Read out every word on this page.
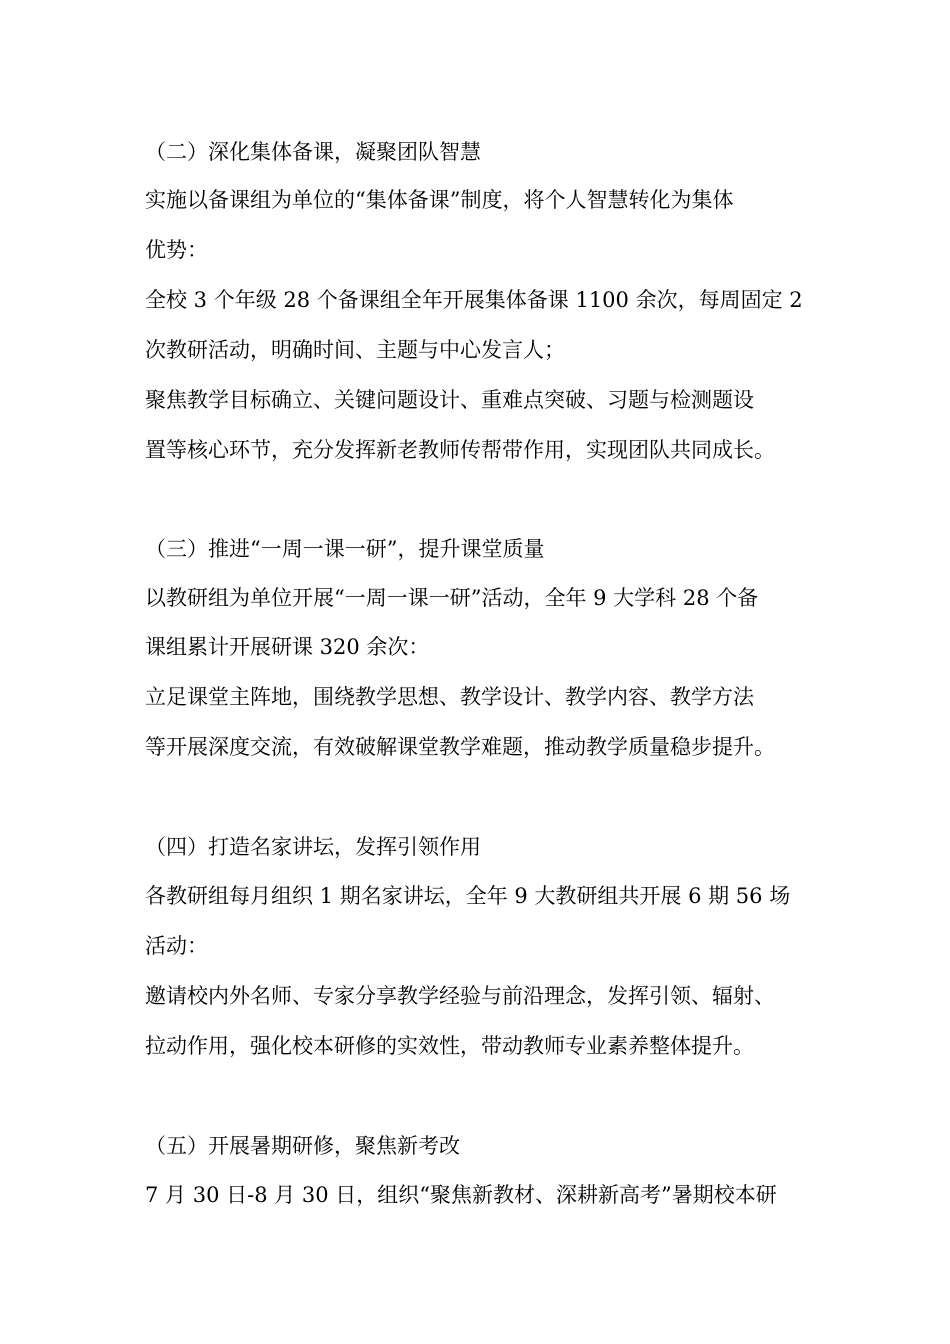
（二）深化集体备课，凝聚团队智慧
实施以备课组为单位的“集体备课”制度，将个人智慧转化为集体
优势：
全校 3 个年级 28 个备课组全年开展集体备课 1100 余次，每周固定 2
次教研活动，明确时间、主题与中心发言人；
聚焦教学目标确立、关键问题设计、重难点突破、习题与检测题设
置等核心环节，充分发挥新老教师传帮带作用，实现团队共同成长。
（三）推进“一周一课一研”，提升课堂质量
以教研组为单位开展“一周一课一研”活动，全年 9 大学科 28 个备
课组累计开展研课 320 余次：
立足课堂主阵地，围绕教学思想、教学设计、教学内容、教学方法
等开展深度交流，有效破解课堂教学难题，推动教学质量稳步提升。
（四）打造名家讲坛，发挥引领作用
各教研组每月组织 1 期名家讲坛，全年 9 大教研组共开展 6 期 56 场
活动：
邀请校内外名师、专家分享教学经验与前沿理念，发挥引领、辐射、
拉动作用，强化校本研修的实效性，带动教师专业素养整体提升。
（五）开展暑期研修，聚焦新考改
7 月 30 日-8 月 30 日，组织“聚焦新教材、深耕新高考”暑期校本研
